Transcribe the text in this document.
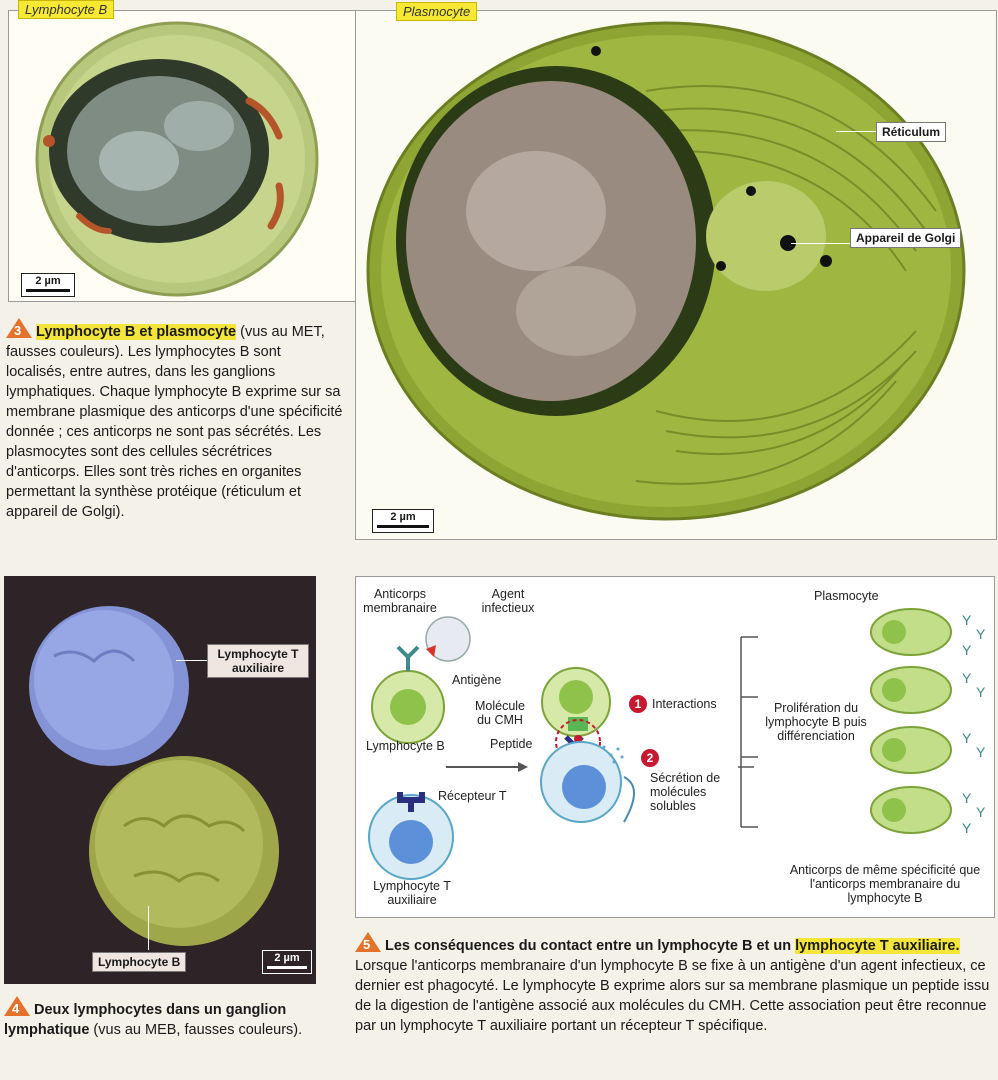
2 µm
Lymphocyte B
2 µm
Réticulum
Appareil de Golgi
Plasmocyte
3 Lymphocyte B et plasmocyte (vus au MET, fausses couleurs). Les lymphocytes B sont localisés, entre autres, dans les ganglions lymphatiques. Chaque lymphocyte B exprime sur sa membrane plasmique des anticorps d'une spécificité donnée ; ces anticorps ne sont pas sécrétés. Les plasmocytes sont des cellules sécrétrices d'anticorps. Elles sont très riches en organites permettant la synthèse protéique (réticulum et appareil de Golgi).
Lymphocyte T auxiliaire
Lymphocyte B	2 µm
4 Deux lymphocytes dans un ganglion lymphatique (vus au MEB, fausses couleurs).
Y
Y
Y
Y
Y
Y
Y
Y
Y
Y
Anticorps membranaire
Agent infectieux
Antigène
Lymphocyte B
Molécule du CMH
Peptide
1 Interactions
2
Sécrétion de molécules solubles
Récepteur T
Lymphocyte T auxiliaire
Prolifération du lymphocyte B puis différenciation
Plasmocyte
Anticorps de même spécificité que l'anticorps membranaire du lymphocyte B
5 Les conséquences du contact entre un lymphocyte B et un lymphocyte T auxiliaire. Lorsque l'anticorps membranaire d'un lymphocyte B se fixe à un antigène d'un agent infectieux, ce dernier est phagocyté. Le lymphocyte B exprime alors sur sa membrane plasmique un peptide issu de la digestion de l'antigène associé aux molécules du CMH. Cette association peut être reconnue par un lymphocyte T auxiliaire portant un récepteur T spécifique.
